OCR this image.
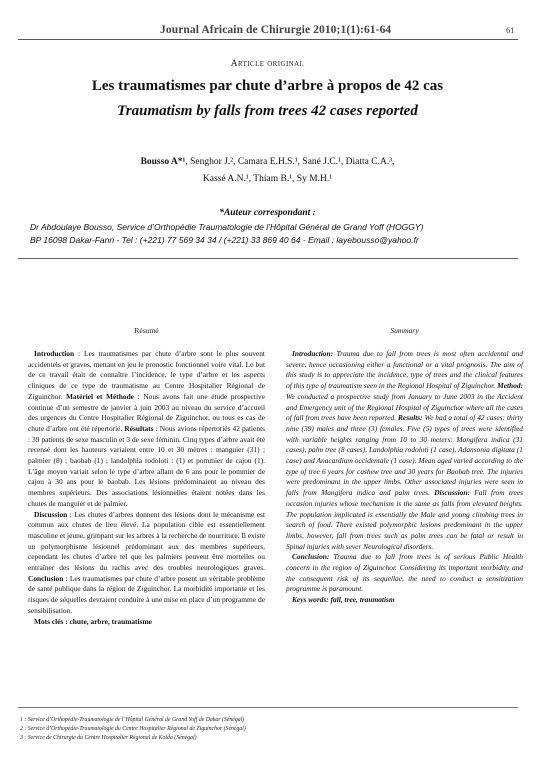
Journal Africain de Chirurgie 2010;1(1):61-64	61
Article original
Les traumatismes par chute d’arbre à propos de 42 cas
Traumatism by falls from trees 42 cases reported
Bousso A*¹, Senghor J.², Camara E.H.S.¹, Sané J.C.¹, Diatta C.A.³,
Kassé A.N.¹, Thiam B.¹, Sy M.H.¹
*Auteur correspondant :
Dr Abdoulaye Bousso, Service d’Orthopédie Traumatologie de l’Hôpital Général de Grand Yoff (HOGGY)
BP 16098 Dakar-Fann - Tel : (+221) 77 569 34 34 / (+221) 33 869 40 64 - Email : layebousso@yahoo.fr
Résumé

Introduction : Les traumatismes par chute d’arbre sont le plus souvent accidentels et graves, mettant en jeu le pronostic fonctionnel voire vital. Le but de ce travail était de connaître l’incidence, le type d’arbre et les aspects cliniques de ce type de traumatisme au Centre Hospitalier Régional de Ziguinchor. Matériel et Méthode : Nous avons fait une étude prospective continue d’un semestre de janvier à juin 2003 au niveau du service d’accueil des urgences du Centre Hospitalier Régional de Ziguinchor, ou tous es cas de chute d’arbre ont été répertorié. Résultats : Nous avions répertoriés 42 patients : 39 patients de sexe masculin et 3 de sexe féminin. Cinq types d’arbre avait été recensé dont les hauteurs variaient entre 10 et 30 mètres : manguier (31) ; palmier (8) ; baobab (1) ; landolphia rodoloti : (1) et pommier de cajou (1). L’âge moyen variait selon le type d’arbre allant de 6 ans pour le pommier de cajou à 30 ans pour le baobab. Les lésions prédominaient au niveau des membres supérieurs. Des associations lésionnelles étaient notées dans les chutes de manguier et de palmier.

Discussion : Les chutes d’arbres donnent des lésions dont le mécanisme est commun aux chutes de lieu élevé. La population cible est essentiellement masculine et jeune, grimpant sur les arbres à la recherche de nourriture. Il existe un polymorphisme lésionnel prédominant aux des membres supérieurs, cependant les chutes d’arbre tel que les palmiers peuvent être mortelles ou entraîner des lésions du rachis avec des troubles neurologiques graves. Conclusion : Les traumatismes par chute d’arbre posent un véritable problème de santé publique dans la région de Ziguinchor. La morbidité importante et les risques de séquelles devraient conduire à une mise en place d’un programme de sensibilisation.

Mots clés : chute, arbre, traumatisme

Summary

Introduction: Trauma due to fall from trees is most often accidental and severe, hence occasioning either a functional or a vital prognosis. The aim of this study is to appreciate the incidence, type of trees and the clinical features of this type of traumatism seen in the Regional Hospital of Ziguinchor. Method: We conducted a prospective study from January to June 2003 in the Accident and Emergency unit of the Regional Hospital of Ziguinchor where all the cases of fall from trees have been reported. Results: We had a total of 42 cases: thirty nine (39) males and three (3) females. Five (5) types of trees were identified with variable heights ranging from 10 to 30 meters: Mangifera indica (31 cases), palm tree (8 cases), Landolphia rodoloti (1 case), Adansonia digitata (1 case) and Anacardium occidentale (1 case). Mean aged varied according to the type of tree 6 years for cashew tree and 30 years for Baobab tree. The injuries were predominant in the upper limbs. Other associated injuries were seen in falls from Mangifera indica and palm trees. Discussion: Fall from trees occasion injuries whose mechanism is the same as falls from elevated heights. The population implicated is essentially the Male and young climbing trees in search of food. There existed polymorphic lesions predominant in the upper limbs, however, fall from trees such as palm trees can be fatal or result in Spinal injuries with sever Neurological disorders.

Conclusion: Trauma due to fall from trees is of serious Public Health concern in the region of Ziguinchor. Considering its important morbidity and the consequent risk of its sequellae, the need to conduct a sensitization programme is paramount.

Keys words: fall, tree, traumatism

1 : Service d’Orthopédie-Traumatologie de l’Hôpital Général de Grand Yoff de Dakar (Sénégal)
2 : Service d’Orthopédie-Traumatologie du Centre Hospitalier Régional de Ziguinchor (Sénégal)
3 : Service de Chirurgie du Centre Hospitalier Régional de Kolda (Sénégal)
